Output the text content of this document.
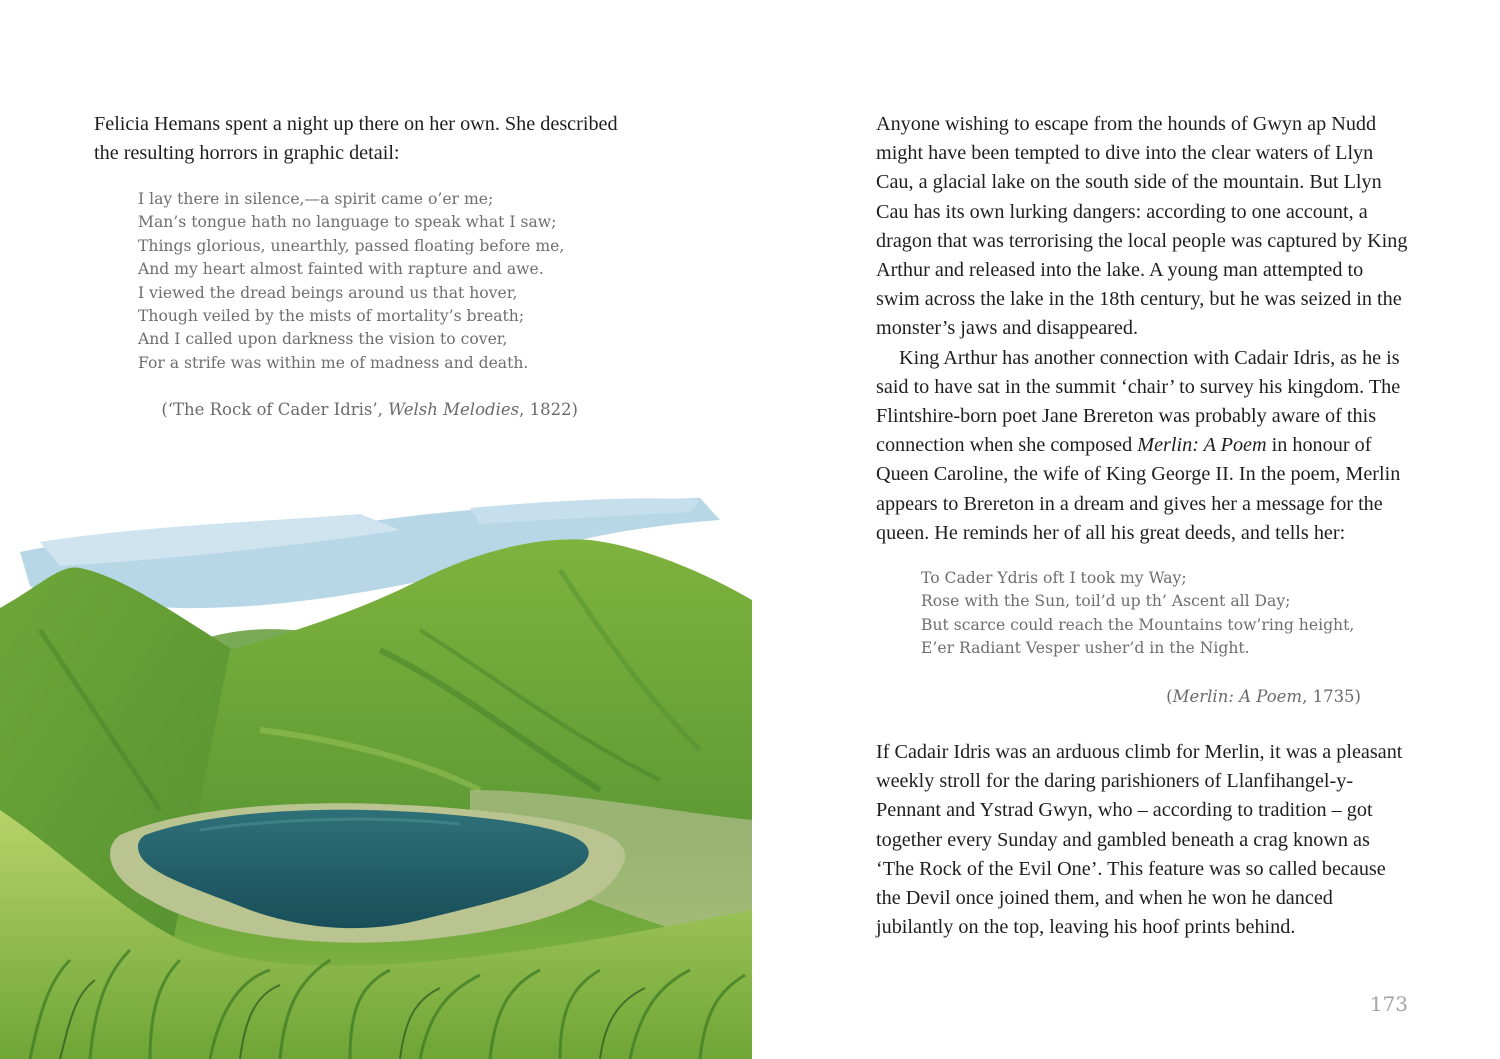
Felicia Hemans spent a night up there on her own. She described
the resulting horrors in graphic detail:
I lay there in silence,—a spirit came o’er me;
Man’s tongue hath no language to speak what I saw;
Things glorious, unearthly, passed floating before me,
And my heart almost fainted with rapture and awe.
I viewed the dread beings around us that hover,
Though veiled by the mists of mortality’s breath;
And I called upon darkness the vision to cover,
For a strife was within me of madness and death.
(‘The Rock of Cader Idris’, Welsh Melodies, 1822)

Anyone wishing to escape from the hounds of Gwyn ap Nudd might have been tempted to dive into the clear waters of Llyn Cau, a glacial lake on the south side of the mountain. But Llyn Cau has its own lurking dangers: according to one account, a dragon that was terrorising the local people was captured by King Arthur and released into the lake. A young man attempted to swim across the lake in the 18th century, but he was seized in the monster’s jaws and disappeared.

King Arthur has another connection with Cadair Idris, as he is said to have sat in the summit ‘chair’ to survey his kingdom. The Flintshire-born poet Jane Brereton was probably aware of this connection when she composed Merlin: A Poem in honour of Queen Caroline, the wife of King George II. In the poem, Merlin appears to Brereton in a dream and gives her a message for the queen. He reminds her of all his great deeds, and tells her:

To Cader Ydris oft I took my Way;
Rose with the Sun, toil’d up th’ Ascent all Day;
But scarce could reach the Mountains tow’ring height,
E’er Radiant Vesper usher’d in the Night.
(Merlin: A Poem, 1735)

If Cadair Idris was an arduous climb for Merlin, it was a pleasant weekly stroll for the daring parishioners of Llanfihangel-y-Pennant and Ystrad Gwyn, who – according to tradition – got together every Sunday and gambled beneath a crag known as ‘The Rock of the Evil One’. This feature was so called because the Devil once joined them, and when he won he danced jubilantly on the top, leaving his hoof prints behind.

173
